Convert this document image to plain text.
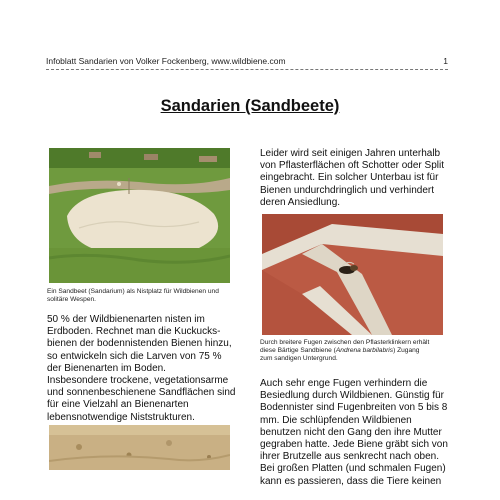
Infoblatt Sandarien von Volker Fockenberg, www.wildbiene.com	1
Sandarien (Sandbeete)
Ein Sandbeet (Sandarium) als Nistplatz für Wildbienen und
solitäre Wespen.
50 % der Wildbienenarten nisten im
Erdboden. Rechnet man die Kuckucks-
bienen der bodennistenden Bienen hinzu,
so entwickeln sich die Larven von 75 %
der Bienenarten im Boden.
Insbesondere trockene, vegetationsarme
und sonnenbeschienene Sandflächen sind
für eine Vielzahl an Bienenarten
lebensnotwendige Niststrukturen.
Leider wird seit einigen Jahren unterhalb
von Pflasterflächen oft Schotter oder Split
eingebracht. Ein solcher Unterbau ist für
Bienen undurchdringlich und verhindert
deren Ansiedlung.
Durch breitere Fugen zwischen den Pflasterklinkern erhält
diese Bärtige Sandbiene (Andrena barbilabris) Zugang
zum sandigen Untergrund.
Auch sehr enge Fugen verhindern die
Besiedlung durch Wildbienen. Günstig für
Bodennister sind Fugenbreiten von 5 bis 8
mm. Die schlüpfenden Wildbienen
benutzen nicht den Gang den ihre Mutter
gegraben hatte. Jede Biene gräbt sich von
ihrer Brutzelle aus senkrecht nach oben.
Bei großen Platten (und schmalen Fugen)
kann es passieren, dass die Tiere keinen
